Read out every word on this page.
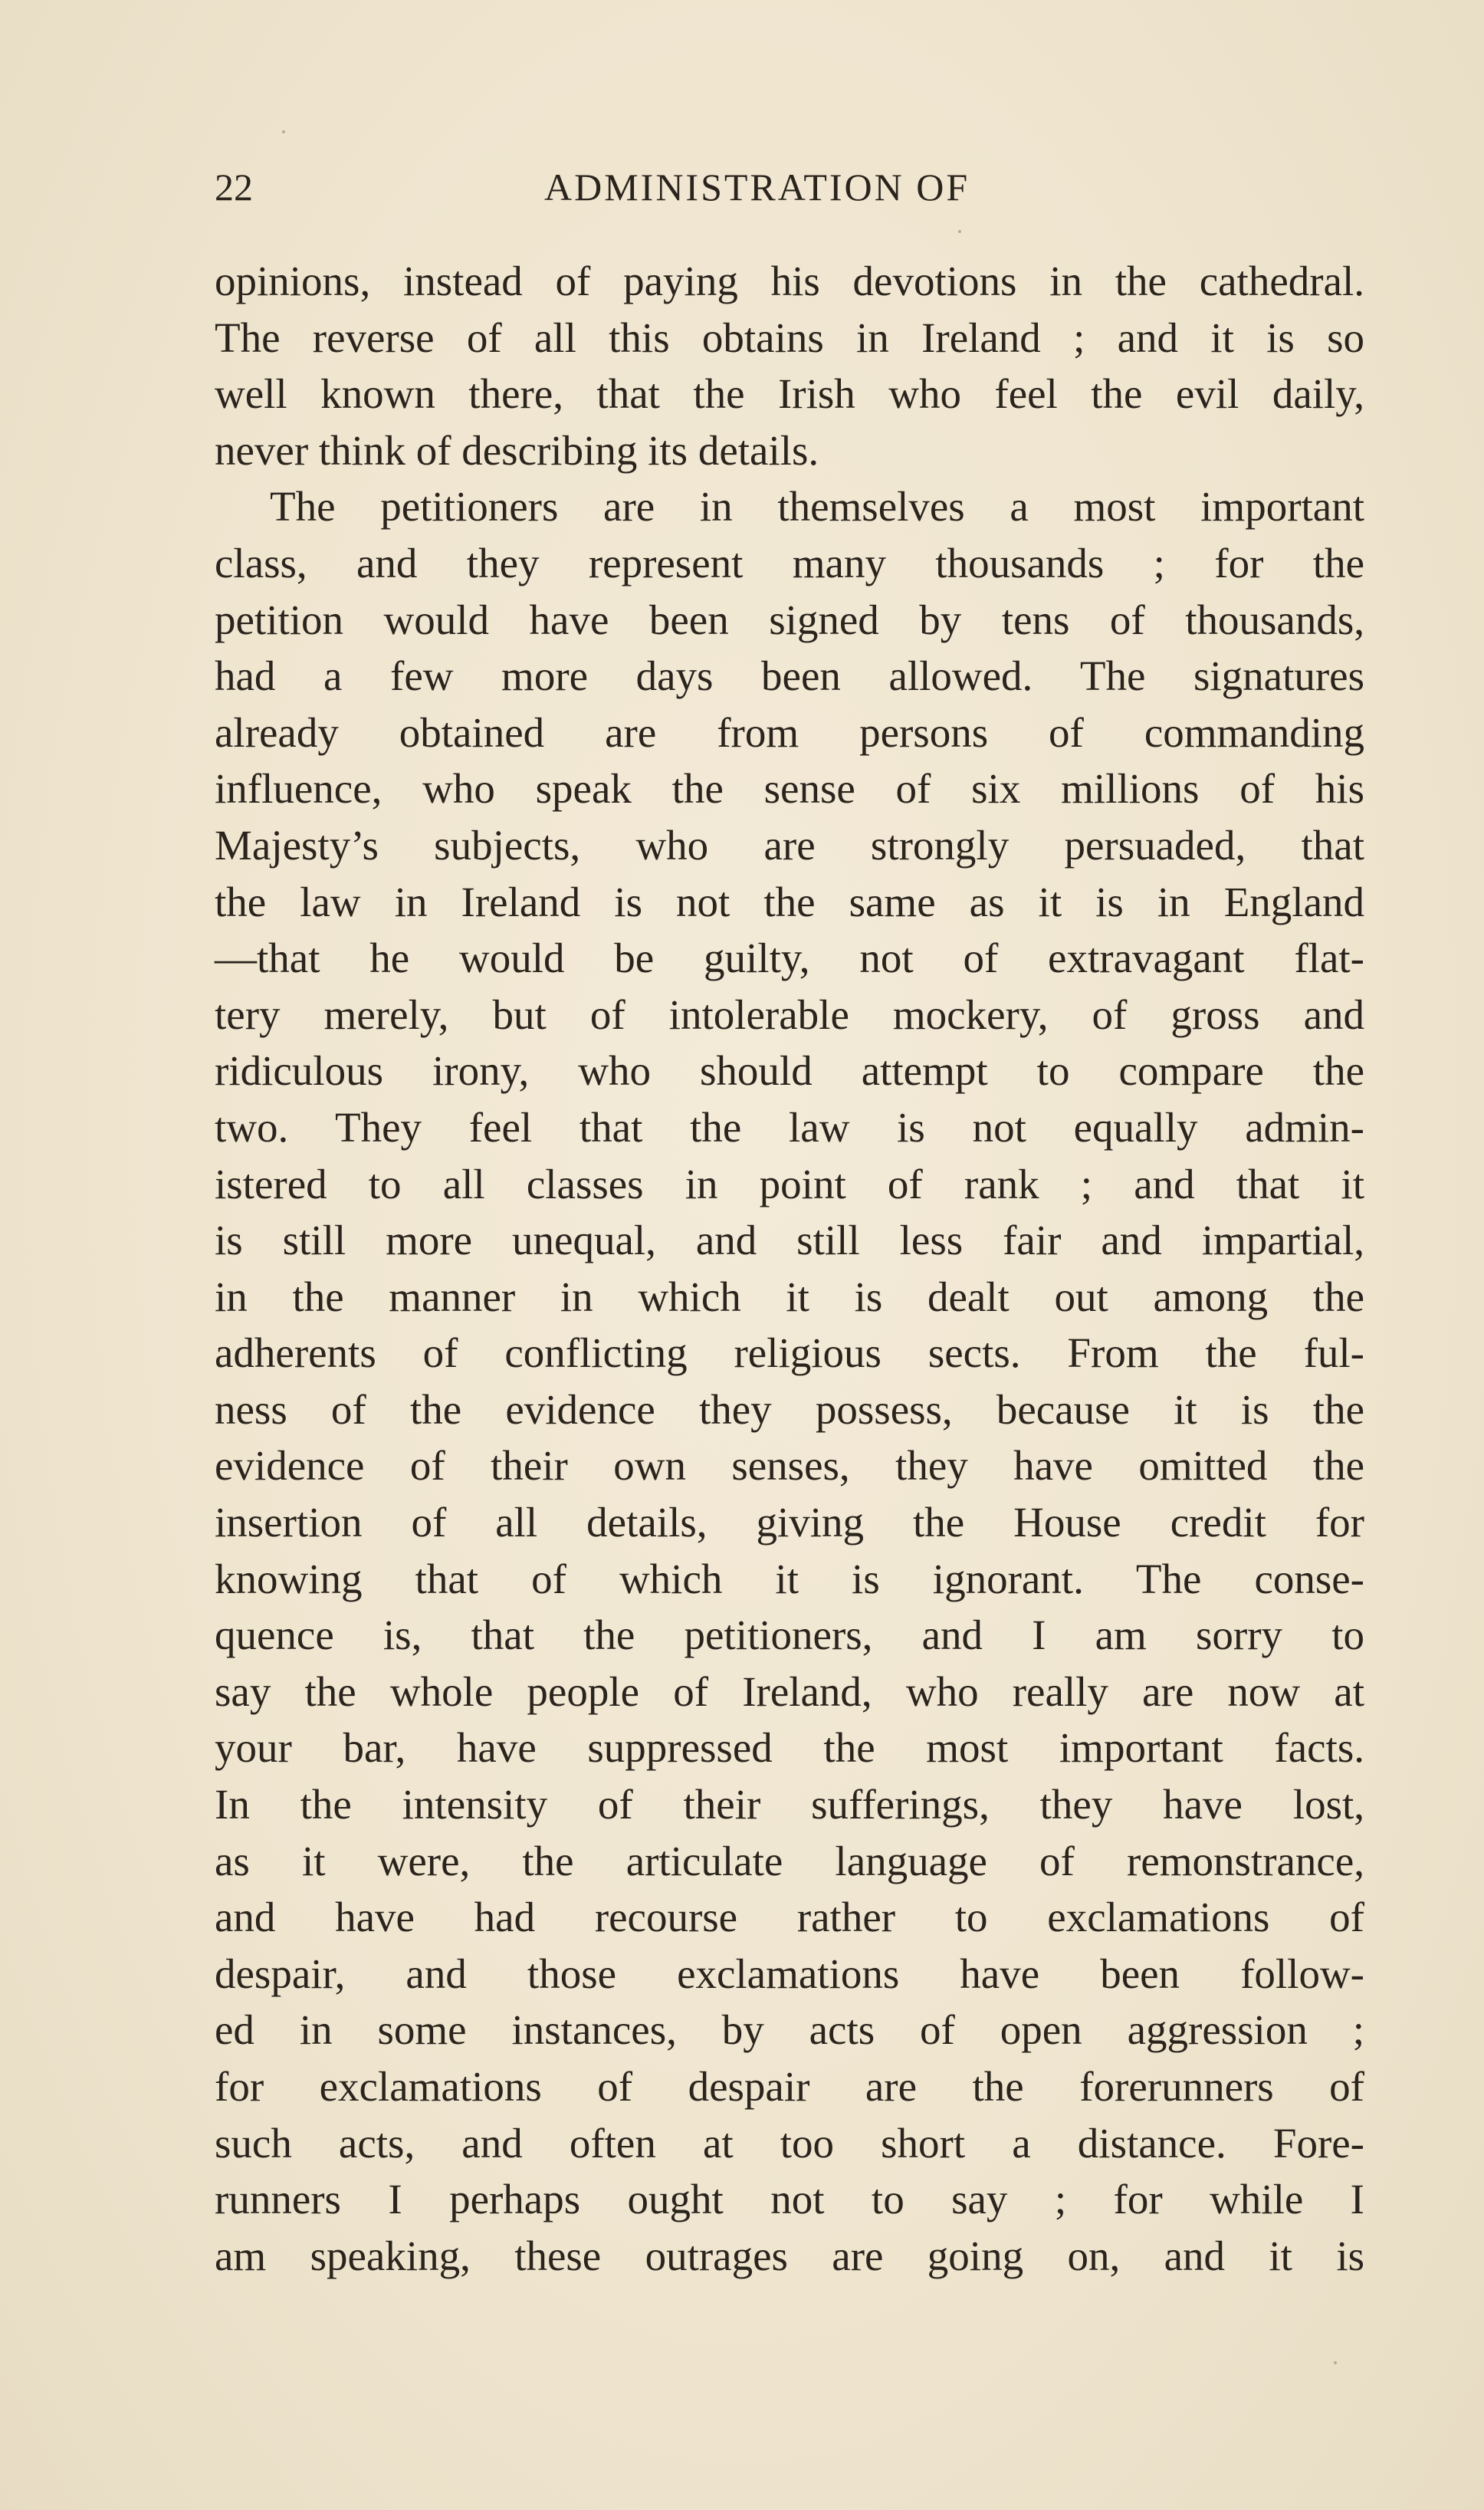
22	ADMINISTRATION OF
opinions, instead of paying his devotions in the cathedral.
The reverse of all this obtains in Ireland ; and it is so
well known there, that the Irish who feel the evil daily,
never think of describing its details.
The petitioners are in themselves a most important
class, and they represent many thousands ; for the
petition would have been signed by tens of thousands,
had a few more days been allowed. The signatures
already obtained are from persons of commanding
influence, who speak the sense of six millions of his
Majesty’s subjects, who are strongly persuaded, that
the law in Ireland is not the same as it is in England
—that he would be guilty, not of extravagant flat-
tery merely, but of intolerable mockery, of gross and
ridiculous irony, who should attempt to compare the
two. They feel that the law is not equally admin-
istered to all classes in point of rank ; and that it
is still more unequal, and still less fair and impartial,
in the manner in which it is dealt out among the
adherents of conflicting religious sects. From the ful-
ness of the evidence they possess, because it is the
evidence of their own senses, they have omitted the
insertion of all details, giving the House credit for
knowing that of which it is ignorant. The conse-
quence is, that the petitioners, and I am sorry to
say the whole people of Ireland, who really are now at
your bar, have suppressed the most important facts.
In the intensity of their sufferings, they have lost,
as it were, the articulate language of remonstrance,
and have had recourse rather to exclamations of
despair, and those exclamations have been follow-
ed in some instances, by acts of open aggression ;
for exclamations of despair are the forerunners of
such acts, and often at too short a distance. Fore-
runners I perhaps ought not to say ; for while I
am speaking, these outrages are going on, and it is
